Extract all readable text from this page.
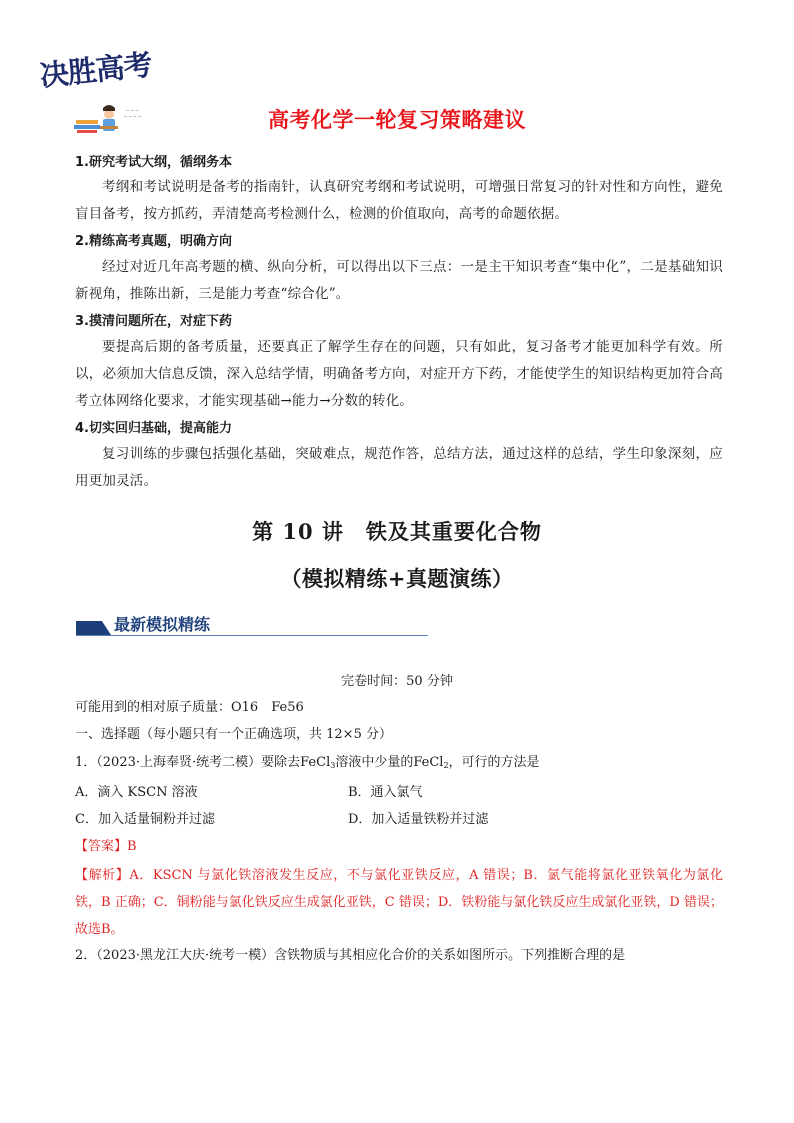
决胜高考
~ ~ ~
~ ~ ~ ~	高考化学一轮复习策略建议
1.研究考试大纲，循纲务本
考纲和考试说明是备考的指南针，认真研究考纲和考试说明，可增强日常复习的针对性和方向性，避免盲目备考，按方抓药，弄清楚高考检测什么，检测的价值取向，高考的命题依据。
2.精练高考真题，明确方向
经过对近几年高考题的横、纵向分析，可以得出以下三点：一是主干知识考查“集中化”，二是基础知识新视角，推陈出新，三是能力考查“综合化”。
3.摸清问题所在，对症下药
要提高后期的备考质量，还要真正了解学生存在的问题，只有如此，复习备考才能更加科学有效。所以，必须加大信息反馈，深入总结学情，明确备考方向，对症开方下药，才能使学生的知识结构更加符合高考立体网络化要求，才能实现基础→能力→分数的转化。
4.切实回归基础，提高能力
复习训练的步骤包括强化基础，突破难点，规范作答，总结方法，通过这样的总结，学生印象深刻，应用更加灵活。
第 10 讲　铁及其重要化合物
（模拟精练+真题演练）
最新模拟精练
完卷时间：50 分钟
可能用到的相对原子质量：O16　Fe56
一、选择题（每小题只有一个正确选项，共 12×5 分）
1．（2023·上海奉贤·统考二模）要除去FeCl$_3$溶液中少量的FeCl$_2$，可行的方法是
A．滴入 KSCN 溶液	B．通入氯气
C．加入适量铜粉并过滤	D．加入适量铁粉并过滤
【答案】B
【解析】A．KSCN 与氯化铁溶液发生反应，不与氯化亚铁反应，A 错误；B．氯气能将氯化亚铁氧化为氯化铁，B 正确；C．铜粉能与氯化铁反应生成氯化亚铁，C 错误；D．铁粉能与氯化铁反应生成氯化亚铁，D 错误；故选B。
2．（2023·黑龙江大庆·统考一模）含铁物质与其相应化合价的关系如图所示。下列推断合理的是
